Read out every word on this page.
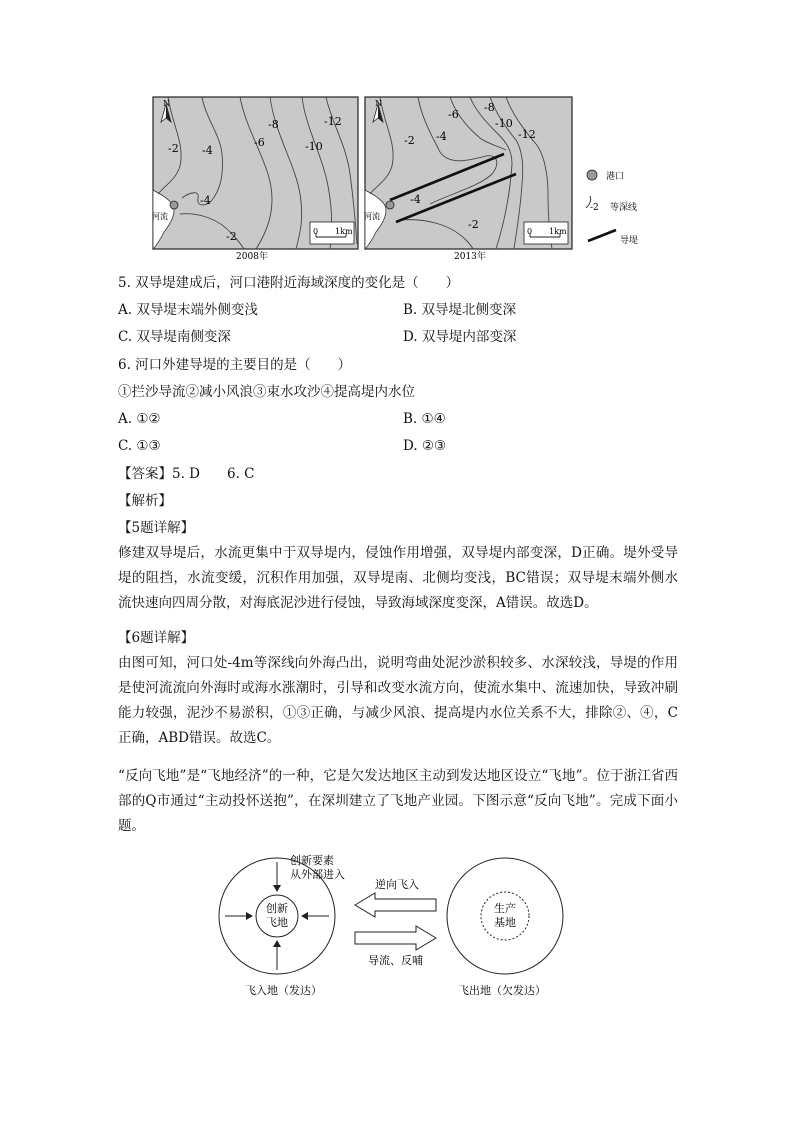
N
河流
-2 -4
-6
-8
-10
-12
-4
-2	0 1km
2008年
N
河流
-2 -4
-6
-8
-10
-12
-4
-2
0 1km
2013年
港口
-2 等深线
导堤
5. 双导堤建成后，河口港附近海域深度的变化是（　　）
A. 双导堤末端外侧变浅	B. 双导堤北侧变深
C. 双导堤南侧变深	D. 双导堤内部变深
6. 河口外建导堤的主要目的是（　　）
①拦沙导流②减小风浪③束水攻沙④提高堤内水位
A. ①②	B. ①④
C. ①③	D. ②③
【答案】5. D　　6. C
【解析】
【5题详解】

修建双导堤后，水流更集中于双导堤内，侵蚀作用增强，双导堤内部变深，D正确。堤外受导堤的阻挡，水流变缓，沉积作用加强，双导堤南、北侧均变浅，BC错误；双导堤末端外侧水流快速向四周分散，对海底泥沙进行侵蚀，导致海域深度变深，A错误。故选D。

【6题详解】

由图可知，河口处-4m等深线向外海凸出，说明弯曲处泥沙淤积较多、水深较浅，导堤的作用是使河流流向外海时或海水涨潮时，引导和改变水流方向，使流水集中、流速加快，导致冲刷能力较强，泥沙不易淤积，①③正确，与减少风浪、提高堤内水位关系不大，排除②、④，C正确，ABD错误。故选C。

“反向飞地”是“飞地经济”的一种，它是欠发达地区主动到发达地区设立“飞地”。位于浙江省西部的Q市通过“主动投怀送抱”，在深圳建立了飞地产业园。下图示意“反向飞地”。完成下面小题。

创新要素
从外部进入
创新
飞地
生产
基地
逆向飞入
导流、反哺
飞入地（发达）	飞出地（欠发达）
